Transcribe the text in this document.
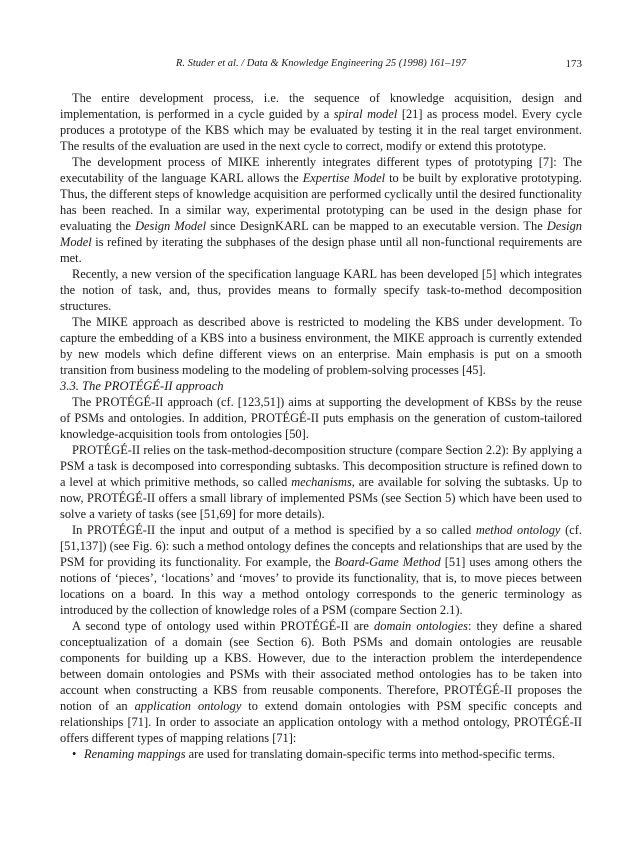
R. Studer et al. / Data & Knowledge Engineering 25 (1998) 161–197	173

The entire development process, i.e. the sequence of knowledge acquisition, design and implementation, is performed in a cycle guided by a spiral model [21] as process model. Every cycle produces a prototype of the KBS which may be evaluated by testing it in the real target environment. The results of the evaluation are used in the next cycle to correct, modify or extend this prototype.

The development process of MIKE inherently integrates different types of prototyping [7]: The executability of the language KARL allows the Expertise Model to be built by explorative prototyping. Thus, the different steps of knowledge acquisition are performed cyclically until the desired functionality has been reached. In a similar way, experimental prototyping can be used in the design phase for evaluating the Design Model since DesignKARL can be mapped to an executable version. The Design Model is refined by iterating the subphases of the design phase until all non-functional requirements are met.

Recently, a new version of the specification language KARL has been developed [5] which integrates the notion of task, and, thus, provides means to formally specify task-to-method decomposition structures.

The MIKE approach as described above is restricted to modeling the KBS under development. To capture the embedding of a KBS into a business environment, the MIKE approach is currently extended by new models which define different views on an enterprise. Main emphasis is put on a smooth transition from business modeling to the modeling of problem-solving processes [45].

3.3. The PROTÉGÉ-II approach

The PROTÉGÉ-II approach (cf. [123,51]) aims at supporting the development of KBSs by the reuse of PSMs and ontologies. In addition, PROTÉGÉ-II puts emphasis on the generation of custom-tailored knowledge-acquisition tools from ontologies [50].

PROTÉGÉ-II relies on the task-method-decomposition structure (compare Section 2.2): By applying a PSM a task is decomposed into corresponding subtasks. This decomposition structure is refined down to a level at which primitive methods, so called mechanisms, are available for solving the subtasks. Up to now, PROTÉGÉ-II offers a small library of implemented PSMs (see Section 5) which have been used to solve a variety of tasks (see [51,69] for more details).

In PROTÉGÉ-II the input and output of a method is specified by a so called method ontology (cf. [51,137]) (see Fig. 6): such a method ontology defines the concepts and relationships that are used by the PSM for providing its functionality. For example, the Board-Game Method [51] uses among others the notions of ‘pieces’, ‘locations’ and ‘moves’ to provide its functionality, that is, to move pieces between locations on a board. In this way a method ontology corresponds to the generic terminology as introduced by the collection of knowledge roles of a PSM (compare Section 2.1).

A second type of ontology used within PROTÉGÉ-II are domain ontologies: they define a shared conceptualization of a domain (see Section 6). Both PSMs and domain ontologies are reusable components for building up a KBS. However, due to the interaction problem the interdependence between domain ontologies and PSMs with their associated method ontologies has to be taken into account when constructing a KBS from reusable components. Therefore, PROTÉGÉ-II proposes the notion of an application ontology to extend domain ontologies with PSM specific concepts and relationships [71]. In order to associate an application ontology with a method ontology, PROTÉGÉ-II offers different types of mapping relations [71]:

• Renaming mappings are used for translating domain-specific terms into method-specific terms.
